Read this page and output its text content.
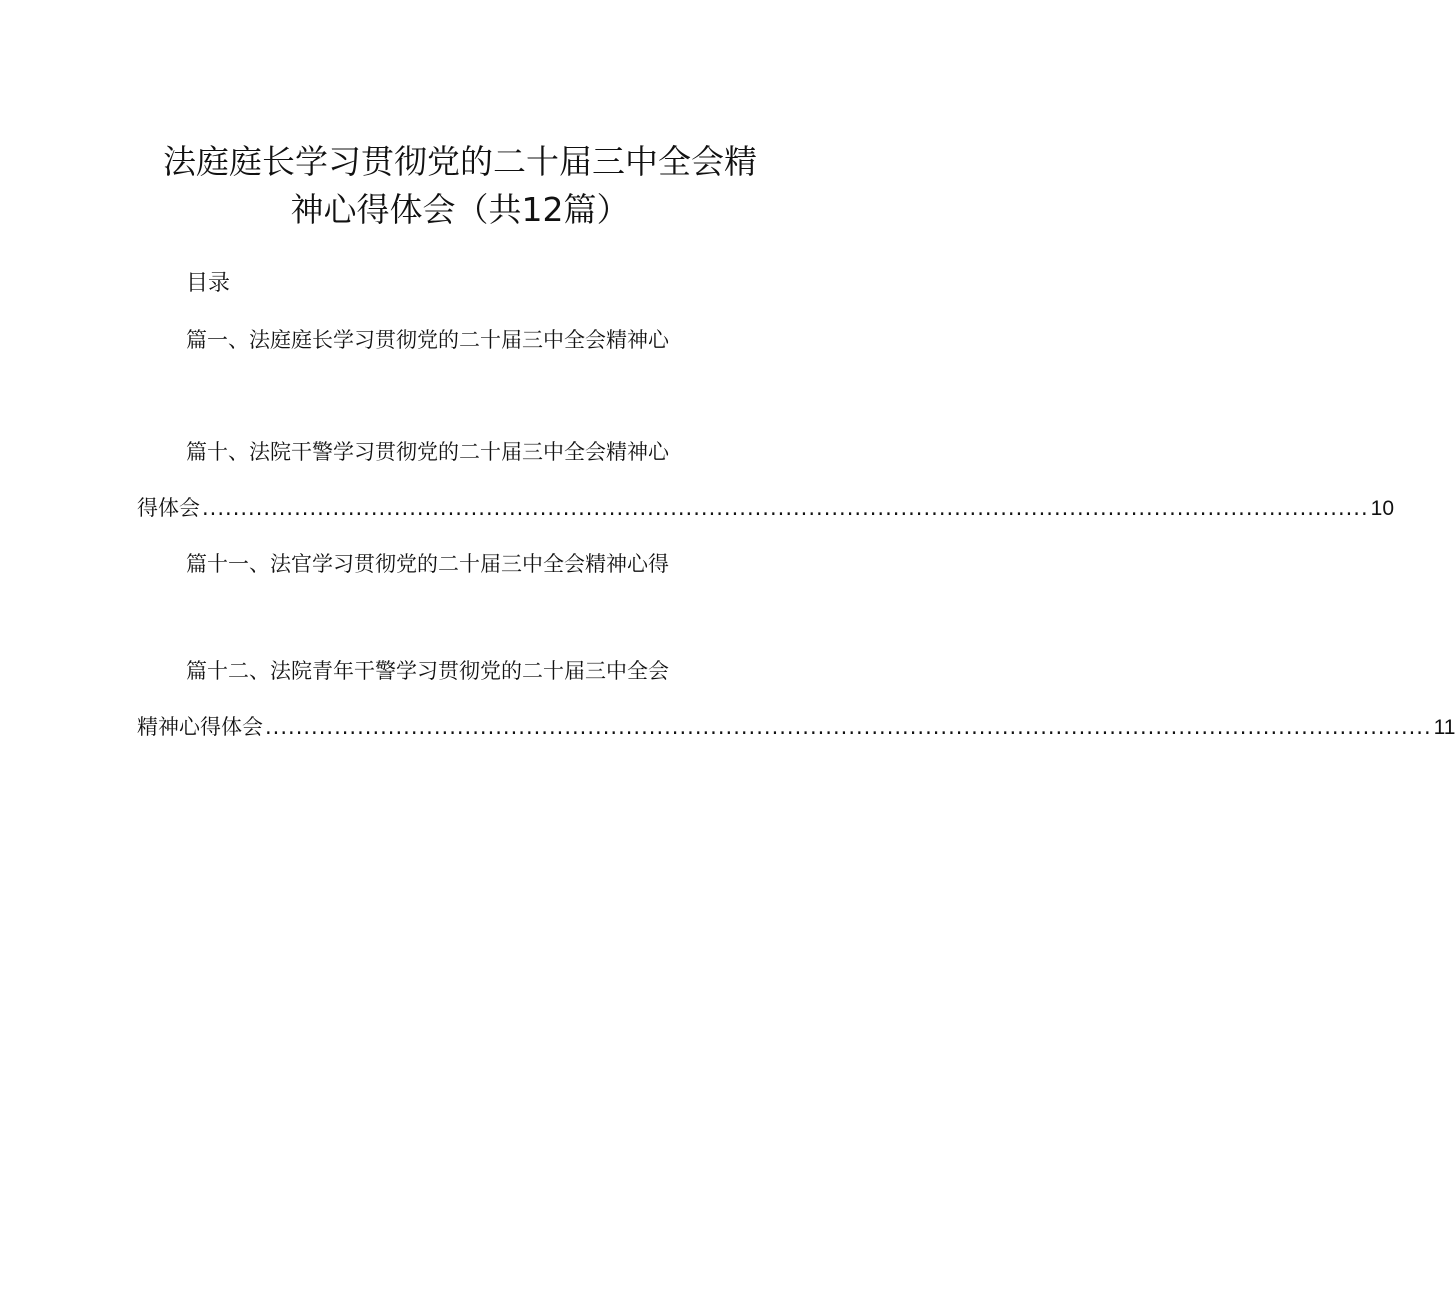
法庭庭长学习贯彻党的二十届三中全会精
神心得体会（共12篇）
目录
篇一、法庭庭长学习贯彻党的二十届三中全会精神心
篇十、法院干警学习贯彻党的二十届三中全会精神心
得体会 ........................................................................................................................................................ 10
篇十一、法官学习贯彻党的二十届三中全会精神心得
篇十二、法院青年干警学习贯彻党的二十届三中全会
精神心得体会 ........................................................................................................................................................ 11
